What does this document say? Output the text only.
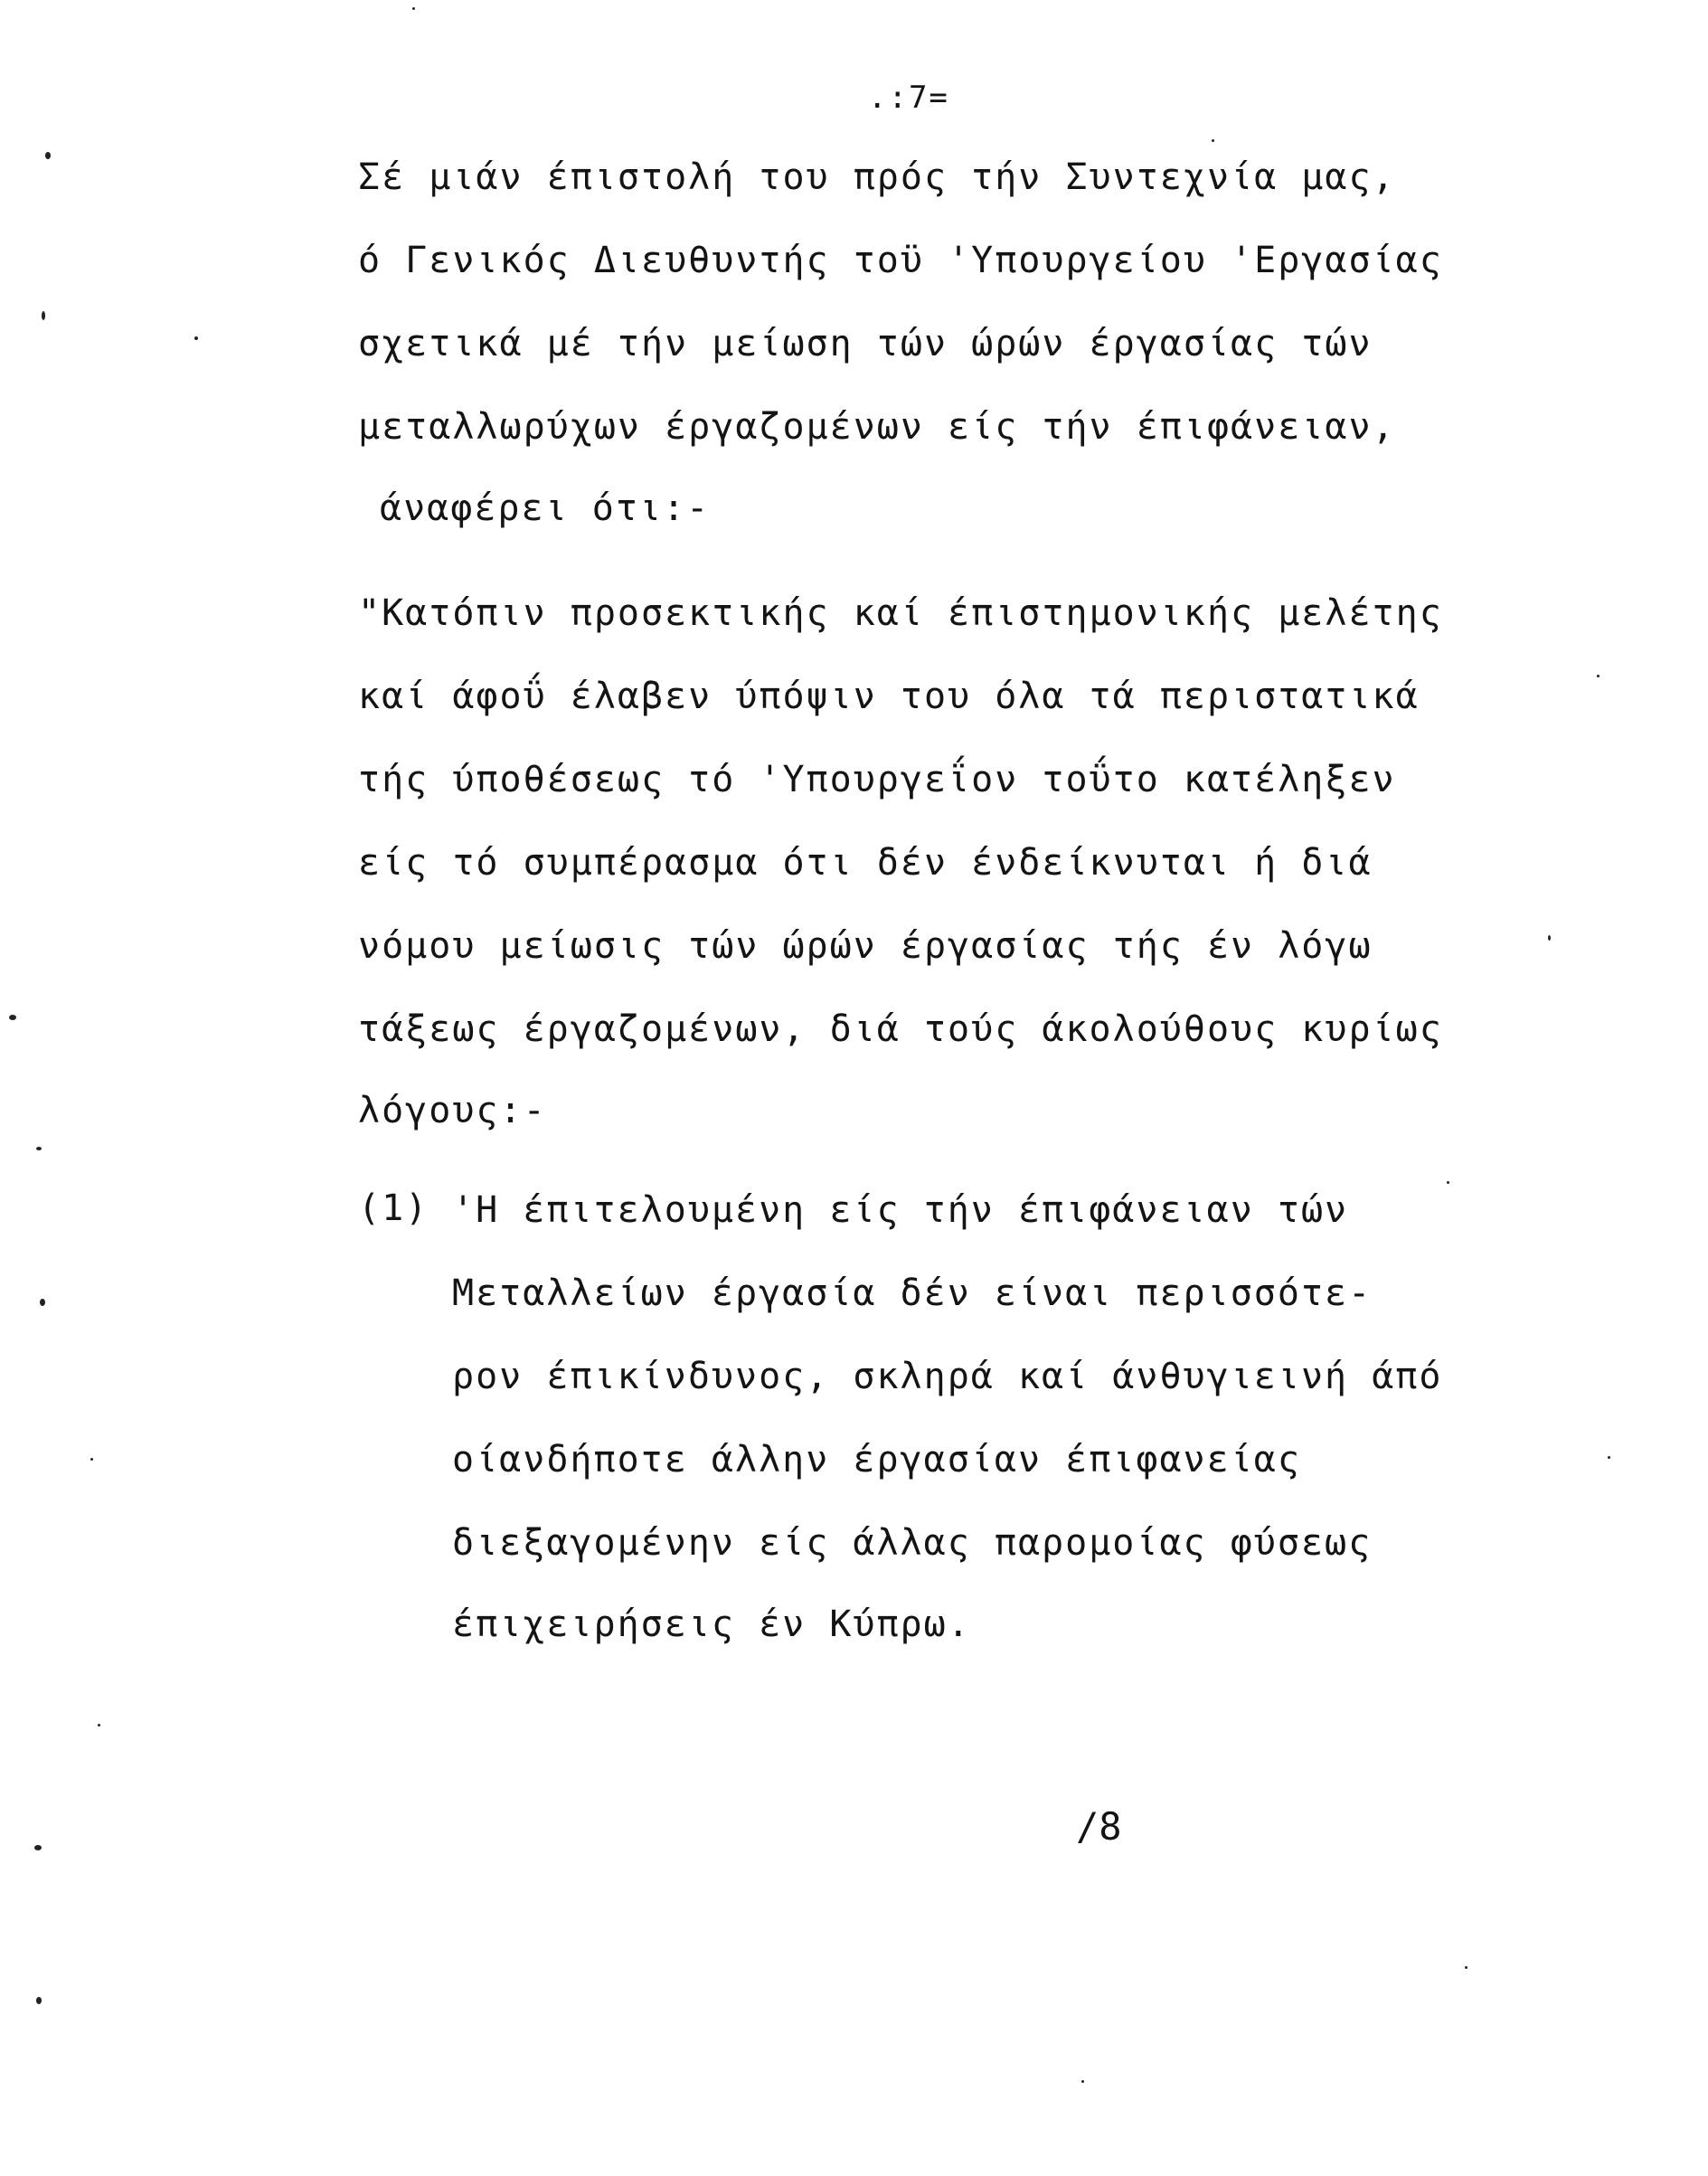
.:7=
Σέ μιάν έπιστολή του πρός τήν Συντεχνία μας,
ό Γενικός Διευθυντής τοϋ 'Υπουργείου 'Εργασίας
σχετικά μέ τήν μείωση τών ώρών έργασίας τών
μεταλλωρύχων έργαζομένων είς τήν έπιφάνειαν,
άναφέρει ότι:-
"Κατόπιν προσεκτικής καί έπιστημονικής μελέτης
καί άφοΰ έλαβεν ύπόψιν του όλα τά περιστατικά
τής ύποθέσεως τό 'Υπουργεΐον τοΰτο κατέληξεν
είς τό συμπέρασμα ότι δέν ένδείκνυται ή διά
νόμου μείωσις τών ώρών έργασίας τής έν λόγω
τάξεως έργαζομένων, διά τούς άκολούθους κυρίως
λόγους:-
(1) 'Η έπιτελουμένη είς τήν έπιφάνειαν τών
Μεταλλείων έργασία δέν είναι περισσότε-
ρον έπικίνδυνος, σκληρά καί άνθυγιεινή άπό
οίανδήποτε άλλην έργασίαν έπιφανείας
διεξαγομένην είς άλλας παρομοίας φύσεως
έπιχειρήσεις έν Κύπρω.
/8
